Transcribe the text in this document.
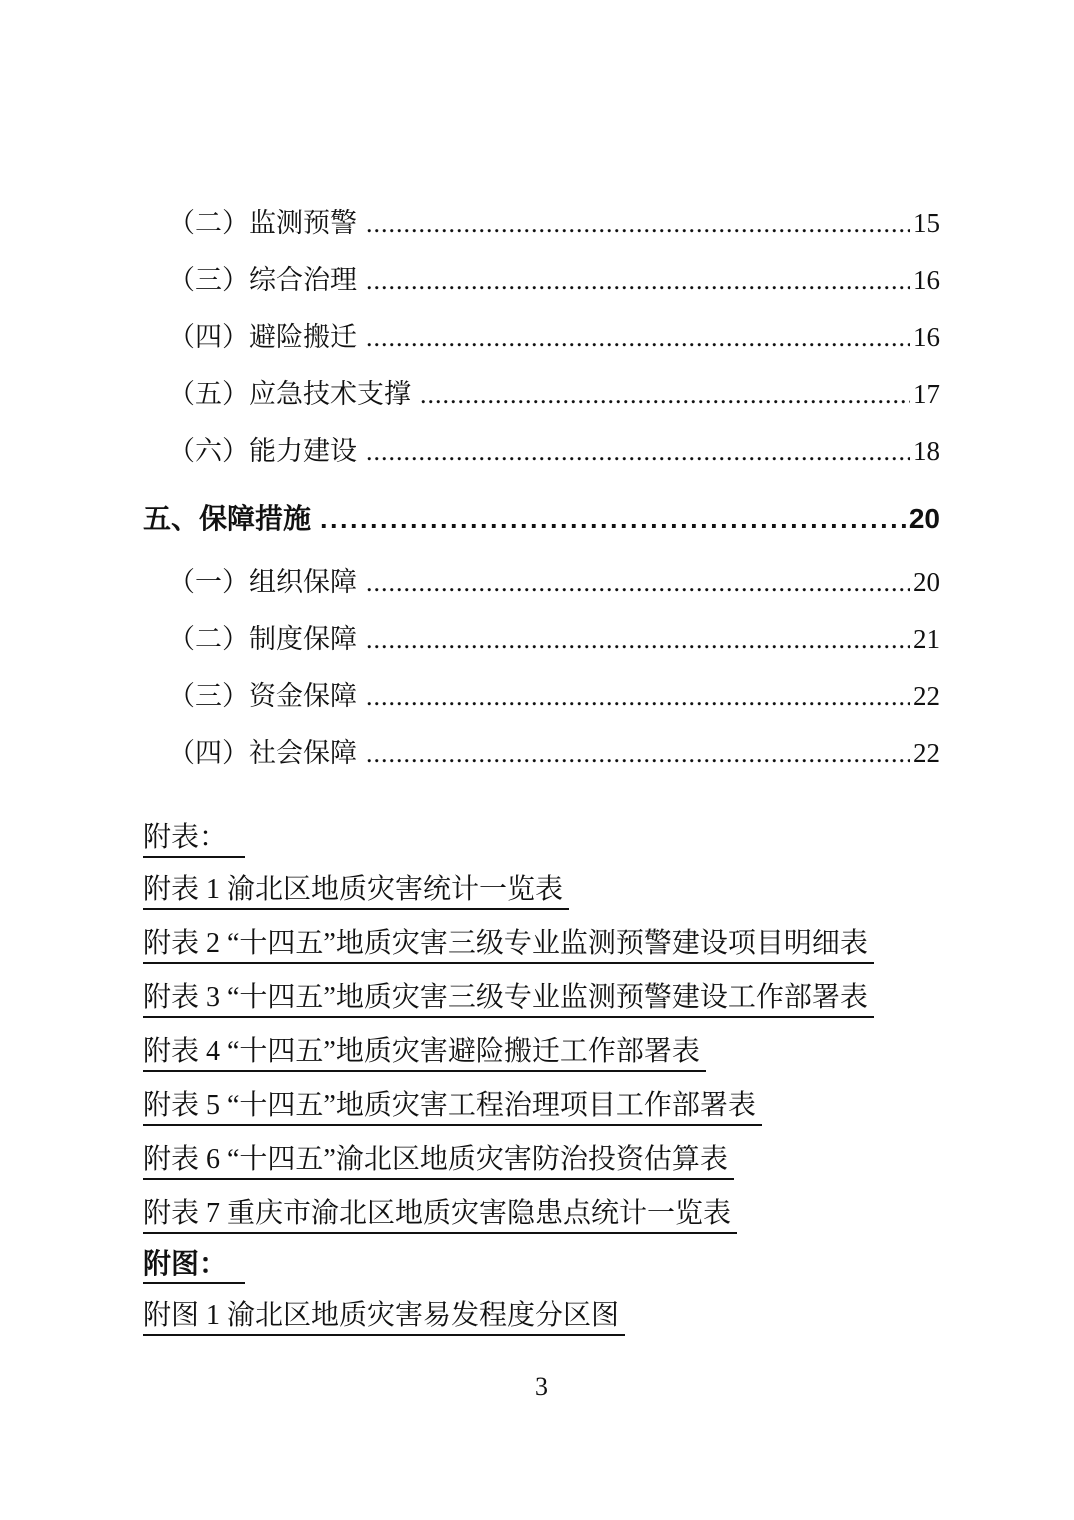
（二）监测预警 .....	15
（三）综合治理 .....	16
（四）避险搬迁 .....	16
（五）应急技术支撑 .....	17
（六）能力建设 .....	18
五、保障措施 .....	20
（一）组织保障 .....	20
（二）制度保障 .....	21
（三）资金保障 .....	22
（四）社会保障 .....	22
附表：
附表 1 渝北区地质灾害统计一览表
附表 2 “十四五”地质灾害三级专业监测预警建设项目明细表
附表 3 “十四五”地质灾害三级专业监测预警建设工作部署表
附表 4 “十四五”地质灾害避险搬迁工作部署表
附表 5 “十四五”地质灾害工程治理项目工作部署表
附表 6 “十四五”渝北区地质灾害防治投资估算表
附表 7 重庆市渝北区地质灾害隐患点统计一览表
附图：
附图 1 渝北区地质灾害易发程度分区图
3
